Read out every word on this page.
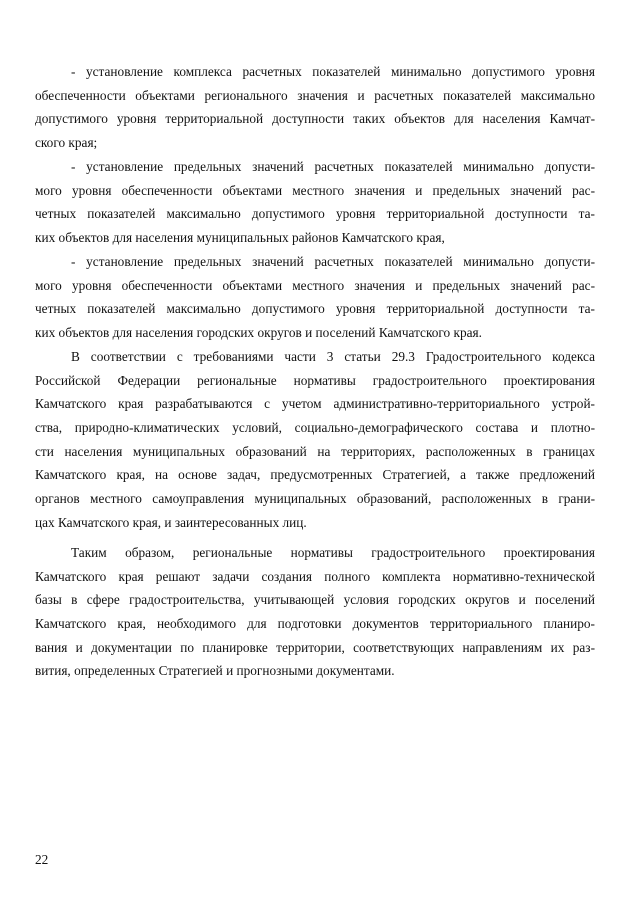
- установление комплекса расчетных показателей минимально допустимого уровня
обеспеченности объектами регионального значения и расчетных показателей максимально
допустимого уровня территориальной доступности таких объектов для населения Камчат-
ского края;
- установление предельных значений расчетных показателей минимально допусти-
мого уровня обеспеченности объектами местного значения и предельных значений рас-
четных показателей максимально допустимого уровня территориальной доступности та-
ких объектов для населения муниципальных районов Камчатского края,
- установление предельных значений расчетных показателей минимально допусти-
мого уровня обеспеченности объектами местного значения и предельных значений рас-
четных показателей максимально допустимого уровня территориальной доступности та-
ких объектов для населения городских округов и поселений Камчатского края.
В соответствии с требованиями части 3 статьи 29.3 Градостроительного кодекса
Российской Федерации региональные нормативы градостроительного проектирования
Камчатского края разрабатываются с учетом административно-территориального устрой-
ства, природно-климатических условий, социально-демографического состава и плотно-
сти населения муниципальных образований на территориях, расположенных в границах
Камчатского края, на основе задач, предусмотренных Стратегией, а также предложений
органов местного самоуправления муниципальных образований, расположенных в грани-
цах Камчатского края, и заинтересованных лиц.
Таким образом, региональные нормативы градостроительного проектирования
Камчатского края решают задачи создания полного комплекта нормативно-технической
базы в сфере градостроительства, учитывающей условия городских округов и поселений
Камчатского края, необходимого для подготовки документов территориального планиро-
вания и документации по планировке территории, соответствующих направлениям их раз-
вития, определенных Стратегией и прогнозными документами.
22
